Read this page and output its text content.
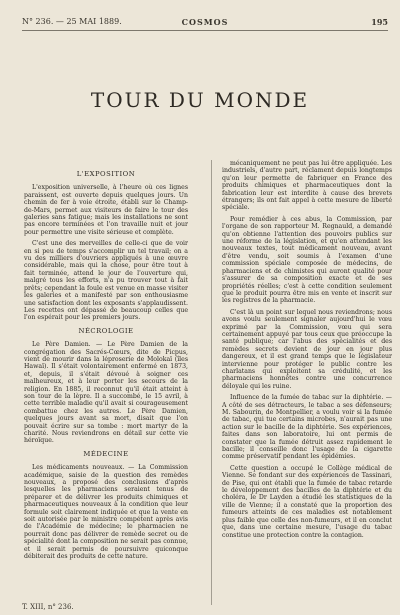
N° 236. — 25 MAI 1889.	COSMOS	195
TOUR DU MONDE
L'EXPOSITION

L'exposition universelle, à l'heure où ces lignes paraissent, est ouverte depuis quelques jours. Un chemin de fer à voie étroite, établi sur le Champ-de-Mars, permet aux visiteurs de faire le tour des galeries sans fatigue; mais les installations ne sont pas encore terminées et l'on travaille nuit et jour pour permettre une visite sérieuse et complète.

C'est une des merveilles de celle-ci que de voir en si peu de temps s'accomplir un tel travail; on a vu des milliers d'ouvriers appliqués à une œuvre considérable, mais qui la chose, pour être tout à fait terminée, attend le jour de l'ouverture qui, malgré tous les efforts, n'a pu trouver tout à fait prêts; cependant la foule est venue en masse visiter les galeries et a manifesté par son enthousiasme une satisfaction dont les exposants s'applaudissent. Les recettes ont dépassé de beaucoup celles que l'on espérait pour les premiers jours.

NÉCROLOGIE

Le Père Damien. — Le Père Damien de la congrégation des Sacrés-Cœurs, dite de Picpus, vient de mourir dans la léproserie de Molokaï (îles Hawaï). Il s'était volontairement enfermé en 1873, et, depuis, il s'était dévoué à soigner ces malheureux, et à leur porter les secours de la religion. En 1885, il reconnut qu'il était atteint à son tour de la lèpre. Il a succombé, le 15 avril, à cette terrible maladie qu'il avait si courageusement combattue chez les autres. Le Père Damien, quelques jours avant sa mort, disait que l'on pouvait écrire sur sa tombe : mort martyr de la charité. Nous reviendrons en détail sur cette vie héroïque.

MÉDECINE

Les médicaments nouveaux. — La Commission académique, saisie de la question des remèdes nouveaux, a proposé des conclusions d'après lesquelles les pharmaciens seraient tenus de préparer et de délivrer les produits chimiques et pharmaceutiques nouveaux à la condition que leur formule soit clairement indiquée et que la vente en soit autorisée par le ministre compétent après avis de l'Académie de médecine; le pharmacien ne pourrait donc pas délivrer de remède secret ou de spécialité dont la composition ne serait pas connue, et il serait permis de poursuivre quiconque débiterait des produits de cette nature.

mécaniquement ne peut pas lui être appliquée. Les industriels, d'autre part, réclament depuis longtemps qu'on leur permette de fabriquer en France des produits chimiques et pharmaceutiques dont la fabrication leur est interdite à cause des brevets étrangers; ils ont fait appel à cette mesure de liberté spéciale.

Pour remédier à ces abus, la Commission, par l'organe de son rapporteur M. Regnauld, a demandé qu'on obtienne l'attention des pouvoirs publics sur une réforme de la législation, et qu'en attendant les nouveaux textes, tout médicament nouveau, avant d'être vendu, soit soumis à l'examen d'une commission spéciale composée de médecins, de pharmaciens et de chimistes qui auront qualité pour s'assurer de sa composition exacte et de ses propriétés réelles; c'est à cette condition seulement que le produit pourra être mis en vente et inscrit sur les registres de la pharmacie.

C'est là un point sur lequel nous reviendrons; nous avons voulu seulement signaler aujourd'hui le vœu exprimé par la Commission, vœu qui sera certainement appuyé par tous ceux que préoccupe la santé publique; car l'abus des spécialités et des remèdes secrets devient de jour en jour plus dangereux, et il est grand temps que le législateur intervienne pour protéger le public contre les charlatans qui exploitent sa crédulité, et les pharmaciens honnêtes contre une concurrence déloyale qui les ruine.

Influence de la fumée de tabac sur la diphtérie. — A côté de ses détracteurs, le tabac a ses défenseurs; M. Sabourin, de Montpellier, a voulu voir si la fumée de tabac, qui tue certains microbes, n'aurait pas une action sur le bacille de la diphtérie. Ses expériences, faites dans son laboratoire, lui ont permis de constater que la fumée détruit assez rapidement le bacille; il conseille donc l'usage de la cigarette comme préservatif pendant les épidémies.

Cette question a occupé le Collège médical de Vienne. Se fondant sur des expériences de Tassinari, de Pise, qui ont établi que la fumée de tabac retarde le développement des bacilles de la diphtérie et du choléra, le Dr Layden a étudié les statistiques de la ville de Vienne; il a constaté que la proportion des fumeurs atteints de ces maladies est notablement plus faible que celle des non-fumeurs, et il en conclut que, dans une certaine mesure, l'usage du tabac constitue une protection contre la contagion.

T. XIII, n° 236.
